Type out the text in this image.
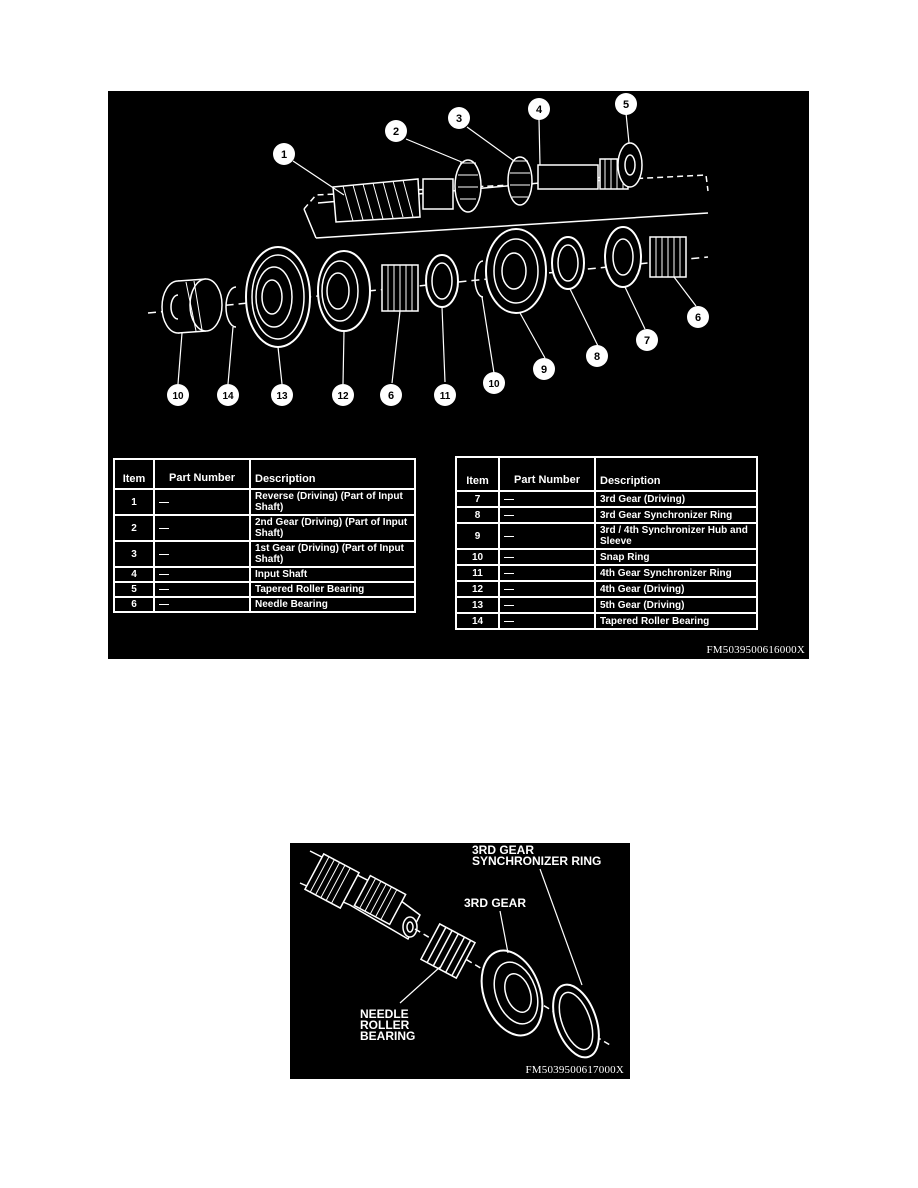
1
2
3
4	5
6
7
8
6
9
10
11
12
13
14
10
Item	Part Number	Description
1	—	Reverse (Driving) (Part of Input Shaft)
2	—	2nd Gear (Driving) (Part of Input Shaft)
3	—	1st Gear (Driving) (Part of Input Shaft)
4	—	Input Shaft
5	—	Tapered Roller Bearing
6	—	Needle Bearing
Item	Part Number	Description
7	—	3rd Gear (Driving)
8	—	3rd Gear Synchronizer Ring
9	—	3rd / 4th Synchronizer Hub and Sleeve
10	—	Snap Ring
11	—	4th Gear Synchronizer Ring
12	—	4th Gear (Driving)
13	—	5th Gear (Driving)
14	—	Tapered Roller Bearing
FM5039500616000X
3RD GEAR
SYNCHRONIZER RING
3RD GEAR
NEEDLE
ROLLER
BEARING
FM5039500617000X
